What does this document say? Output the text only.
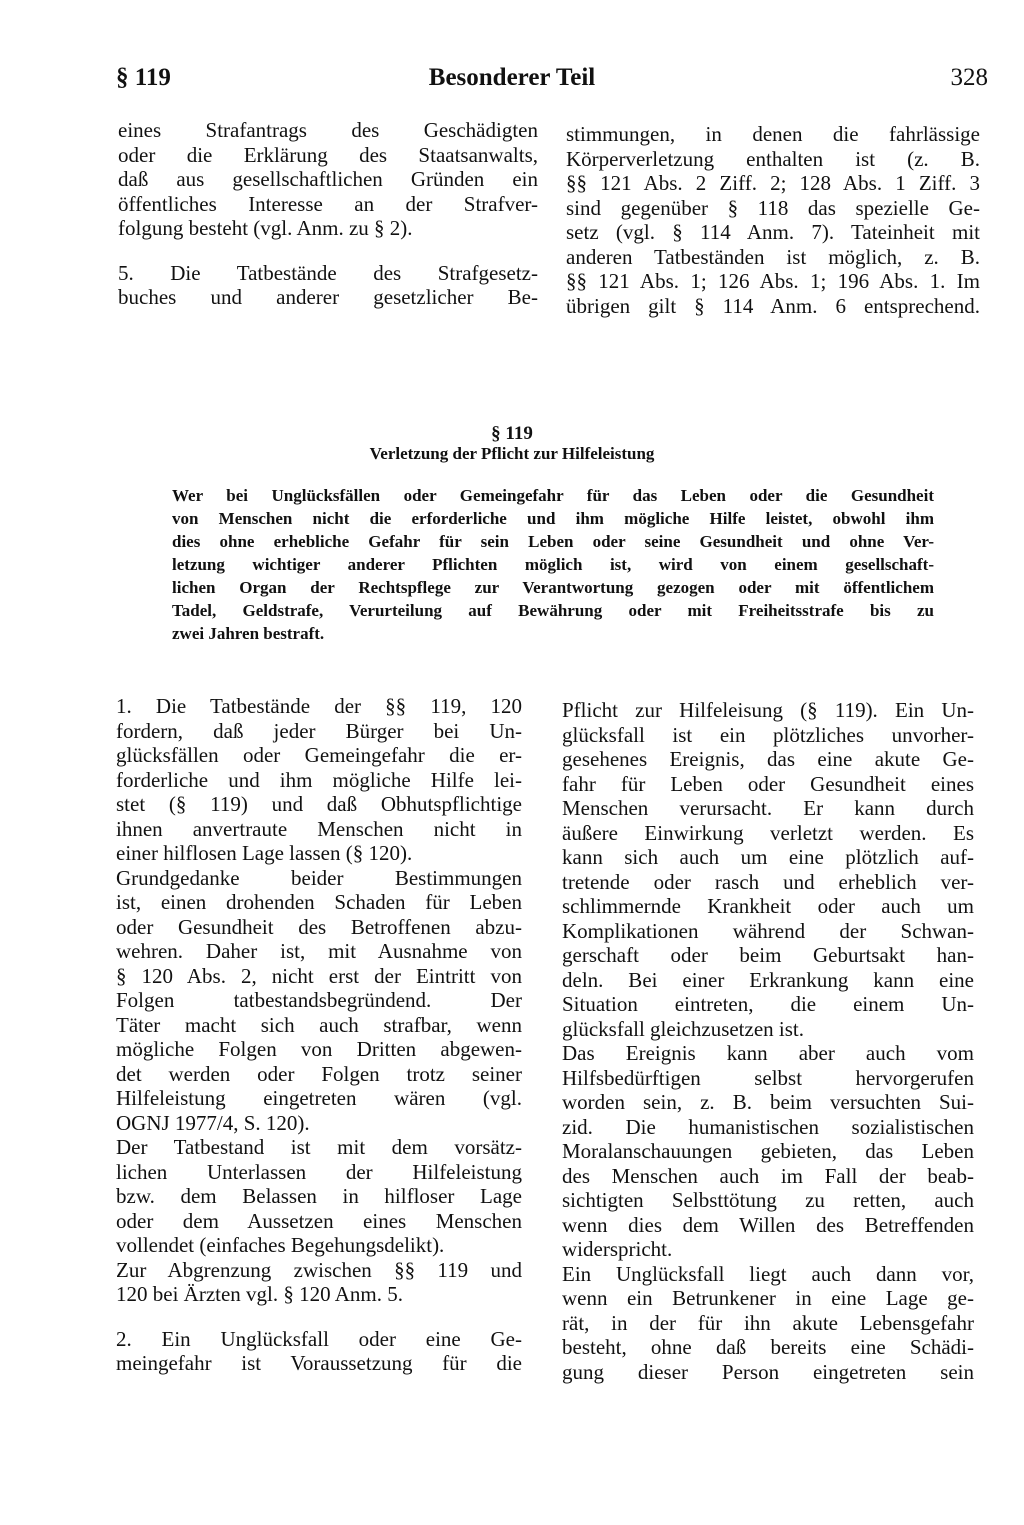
§ 119	Besonderer Teil	328
eines Strafantrags des Geschädigten
oder die Erklärung des Staatsanwalts,
daß aus gesellschaftlichen Gründen ein
öffentliches Interesse an der Strafver-
folgung besteht (vgl. Anm. zu § 2).
5. Die Tatbestände des Strafgesetz-
buches und anderer gesetzlicher Be-
stimmungen, in denen die fahrlässige
Körperverletzung enthalten ist (z. B.
§§ 121 Abs. 2 Ziff. 2; 128 Abs. 1 Ziff. 3
sind gegenüber § 118 das spezielle Ge-
setz (vgl. § 114 Anm. 7). Tateinheit mit
anderen Tatbeständen ist möglich, z. B.
§§ 121 Abs. 1; 126 Abs. 1; 196 Abs. 1. Im
übrigen gilt § 114 Anm. 6 entsprechend.
§ 119
Verletzung der Pflicht zur Hilfeleistung
Wer bei Unglücksfällen oder Gemeingefahr für das Leben oder die Gesundheit
von Menschen nicht die erforderliche und ihm mögliche Hilfe leistet, obwohl ihm
dies ohne erhebliche Gefahr für sein Leben oder seine Gesundheit und ohne Ver-
letzung wichtiger anderer Pflichten möglich ist, wird von einem gesellschaft-
lichen Organ der Rechtspflege zur Verantwortung gezogen oder mit öffentlichem
Tadel, Geldstrafe, Verurteilung auf Bewährung oder mit Freiheitsstrafe bis zu
zwei Jahren bestraft.
1. Die Tatbestände der §§ 119, 120
fordern, daß jeder Bürger bei Un-
glücksfällen oder Gemeingefahr die er-
forderliche und ihm mögliche Hilfe lei-
stet (§ 119) und daß Obhutspflichtige
ihnen anvertraute Menschen nicht in
einer hilflosen Lage lassen (§ 120).
Grundgedanke beider Bestimmungen
ist, einen drohenden Schaden für Leben
oder Gesundheit des Betroffenen abzu-
wehren. Daher ist, mit Ausnahme von
§ 120 Abs. 2, nicht erst der Eintritt von
Folgen tatbestandsbegründend. Der
Täter macht sich auch strafbar, wenn
mögliche Folgen von Dritten abgewen-
det werden oder Folgen trotz seiner
Hilfeleistung eingetreten wären (vgl.
OGNJ 1977/4, S. 120).
Der Tatbestand ist mit dem vorsätz-
lichen Unterlassen der Hilfeleistung
bzw. dem Belassen in hilfloser Lage
oder dem Aussetzen eines Menschen
vollendet (einfaches Begehungsdelikt).
Zur Abgrenzung zwischen §§ 119 und
120 bei Ärzten vgl. § 120 Anm. 5.
2. Ein Unglücksfall oder eine Ge-
meingefahr ist Voraussetzung für die
Pflicht zur Hilfeleisung (§ 119). Ein Un-
glücksfall ist ein plötzliches unvorher-
gesehenes Ereignis, das eine akute Ge-
fahr für Leben oder Gesundheit eines
Menschen verursacht. Er kann durch
äußere Einwirkung verletzt werden. Es
kann sich auch um eine plötzlich auf-
tretende oder rasch und erheblich ver-
schlimmernde Krankheit oder auch um
Komplikationen während der Schwan-
gerschaft oder beim Geburtsakt han-
deln. Bei einer Erkrankung kann eine
Situation eintreten, die einem Un-
glücksfall gleichzusetzen ist.
Das Ereignis kann aber auch vom
Hilfsbedürftigen selbst hervorgerufen
worden sein, z. B. beim versuchten Sui-
zid. Die humanistischen sozialistischen
Moralanschauungen gebieten, das Leben
des Menschen auch im Fall der beab-
sichtigten Selbsttötung zu retten, auch
wenn dies dem Willen des Betreffenden
widerspricht.
Ein Unglücksfall liegt auch dann vor,
wenn ein Betrunkener in eine Lage ge-
rät, in der für ihn akute Lebensgefahr
besteht, ohne daß bereits eine Schädi-
gung dieser Person eingetreten sein
